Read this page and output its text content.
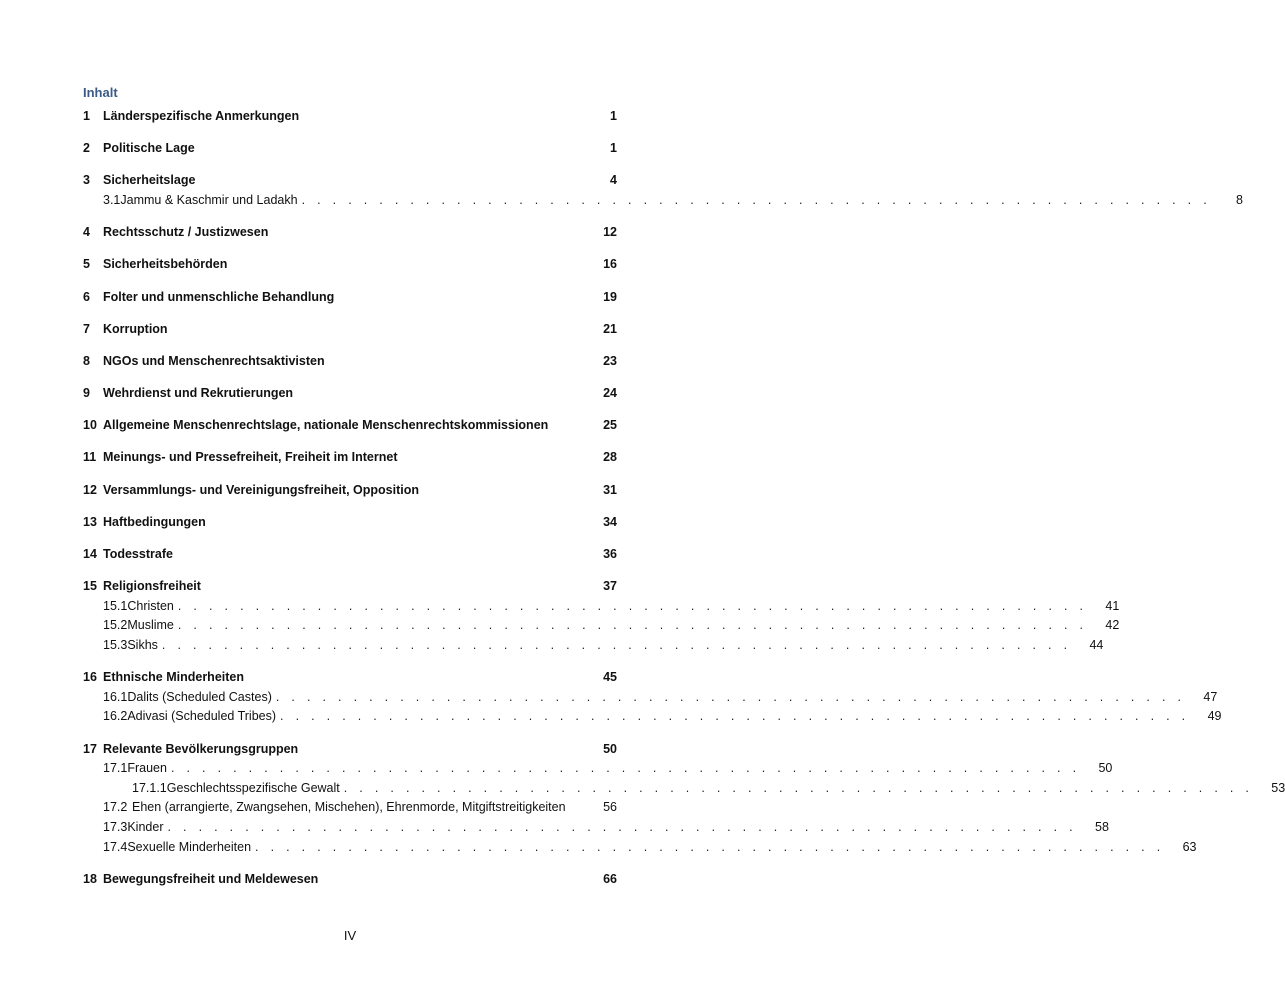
Inhalt
1	Länderspezifische Anmerkungen	1
2	Politische Lage	1
3	Sicherheitslage	4
3.1 Jammu & Kaschmir und Ladakh . . . . . . . . . . . . . . . . . . . . . . . . . . . . . . . . . . . . . . . . . . . . . . . . . . . . . . . . . . .	8
4	Rechtsschutz / Justizwesen	12
5	Sicherheitsbehörden	16
6	Folter und unmenschliche Behandlung	19
7	Korruption	21
8	NGOs und Menschenrechtsaktivisten	23
9	Wehrdienst und Rekrutierungen	24
10 Allgemeine Menschenrechtslage, nationale Menschenrechtskommissionen	25
11 Meinungs- und Pressefreiheit, Freiheit im Internet	28
12 Versammlungs- und Vereinigungsfreiheit, Opposition	31
13 Haftbedingungen	34
14 Todesstrafe	36
15 Religionsfreiheit	37
15.1 Christen . . . . . . . . . . . . . . . . . . . . . . . . . . . . . . . . . . . . . . . . . . . . . . . . . . . . . . . . . . .	41
15.2 Muslime . . . . . . . . . . . . . . . . . . . . . . . . . . . . . . . . . . . . . . . . . . . . . . . . . . . . . . . . . . .	42
15.3 Sikhs . . . . . . . . . . . . . . . . . . . . . . . . . . . . . . . . . . . . . . . . . . . . . . . . . . . . . . . . . . .	44
16 Ethnische Minderheiten	45
16.1 Dalits (Scheduled Castes) . . . . . . . . . . . . . . . . . . . . . . . . . . . . . . . . . . . . . . . . . . . . . . . . . . . . . . . . . . .	47
16.2 Adivasi (Scheduled Tribes) . . . . . . . . . . . . . . . . . . . . . . . . . . . . . . . . . . . . . . . . . . . . . . . . . . . . . . . . . . .	49
17 Relevante Bevölkerungsgruppen	50
17.1 Frauen . . . . . . . . . . . . . . . . . . . . . . . . . . . . . . . . . . . . . . . . . . . . . . . . . . . . . . . . . . .	50
17.1.1 Geschlechtsspezifische Gewalt . . . . . . . . . . . . . . . . . . . . . . . . . . . . . . . . . . . . . . . . . . . . . . . . . . . . . . . . . . .	53
17.2 Ehen (arrangierte, Zwangsehen, Mischehen), Ehrenmorde, Mitgiftstreitigkeiten	56
17.3 Kinder . . . . . . . . . . . . . . . . . . . . . . . . . . . . . . . . . . . . . . . . . . . . . . . . . . . . . . . . . . .	58
17.4 Sexuelle Minderheiten . . . . . . . . . . . . . . . . . . . . . . . . . . . . . . . . . . . . . . . . . . . . . . . . . . . . . . . . . . .	63
18 Bewegungsfreiheit und Meldewesen	66
IV
